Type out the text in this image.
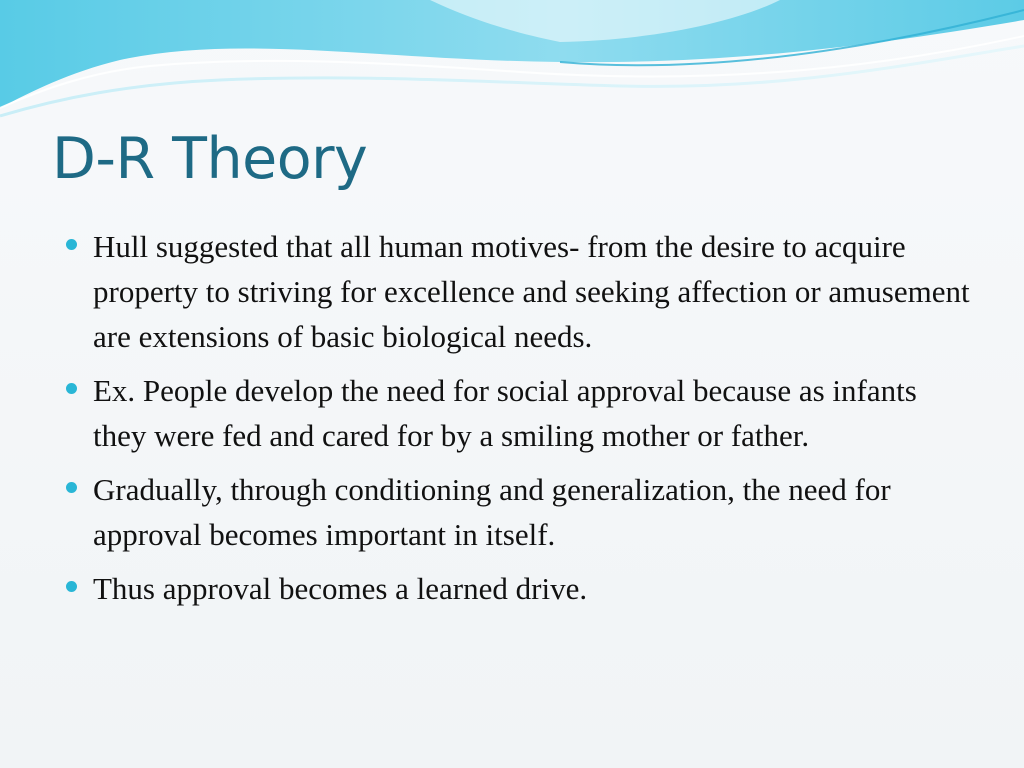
D-R Theory
Hull suggested that all human motives- from the desire to acquire property to striving for excellence and seeking affection or amusement are extensions of basic biological needs.
Ex. People develop the need for social approval because as infants they were fed and cared for by a smiling mother or father.
Gradually, through conditioning and generalization, the need for approval becomes important in itself.
Thus approval becomes a learned drive.
